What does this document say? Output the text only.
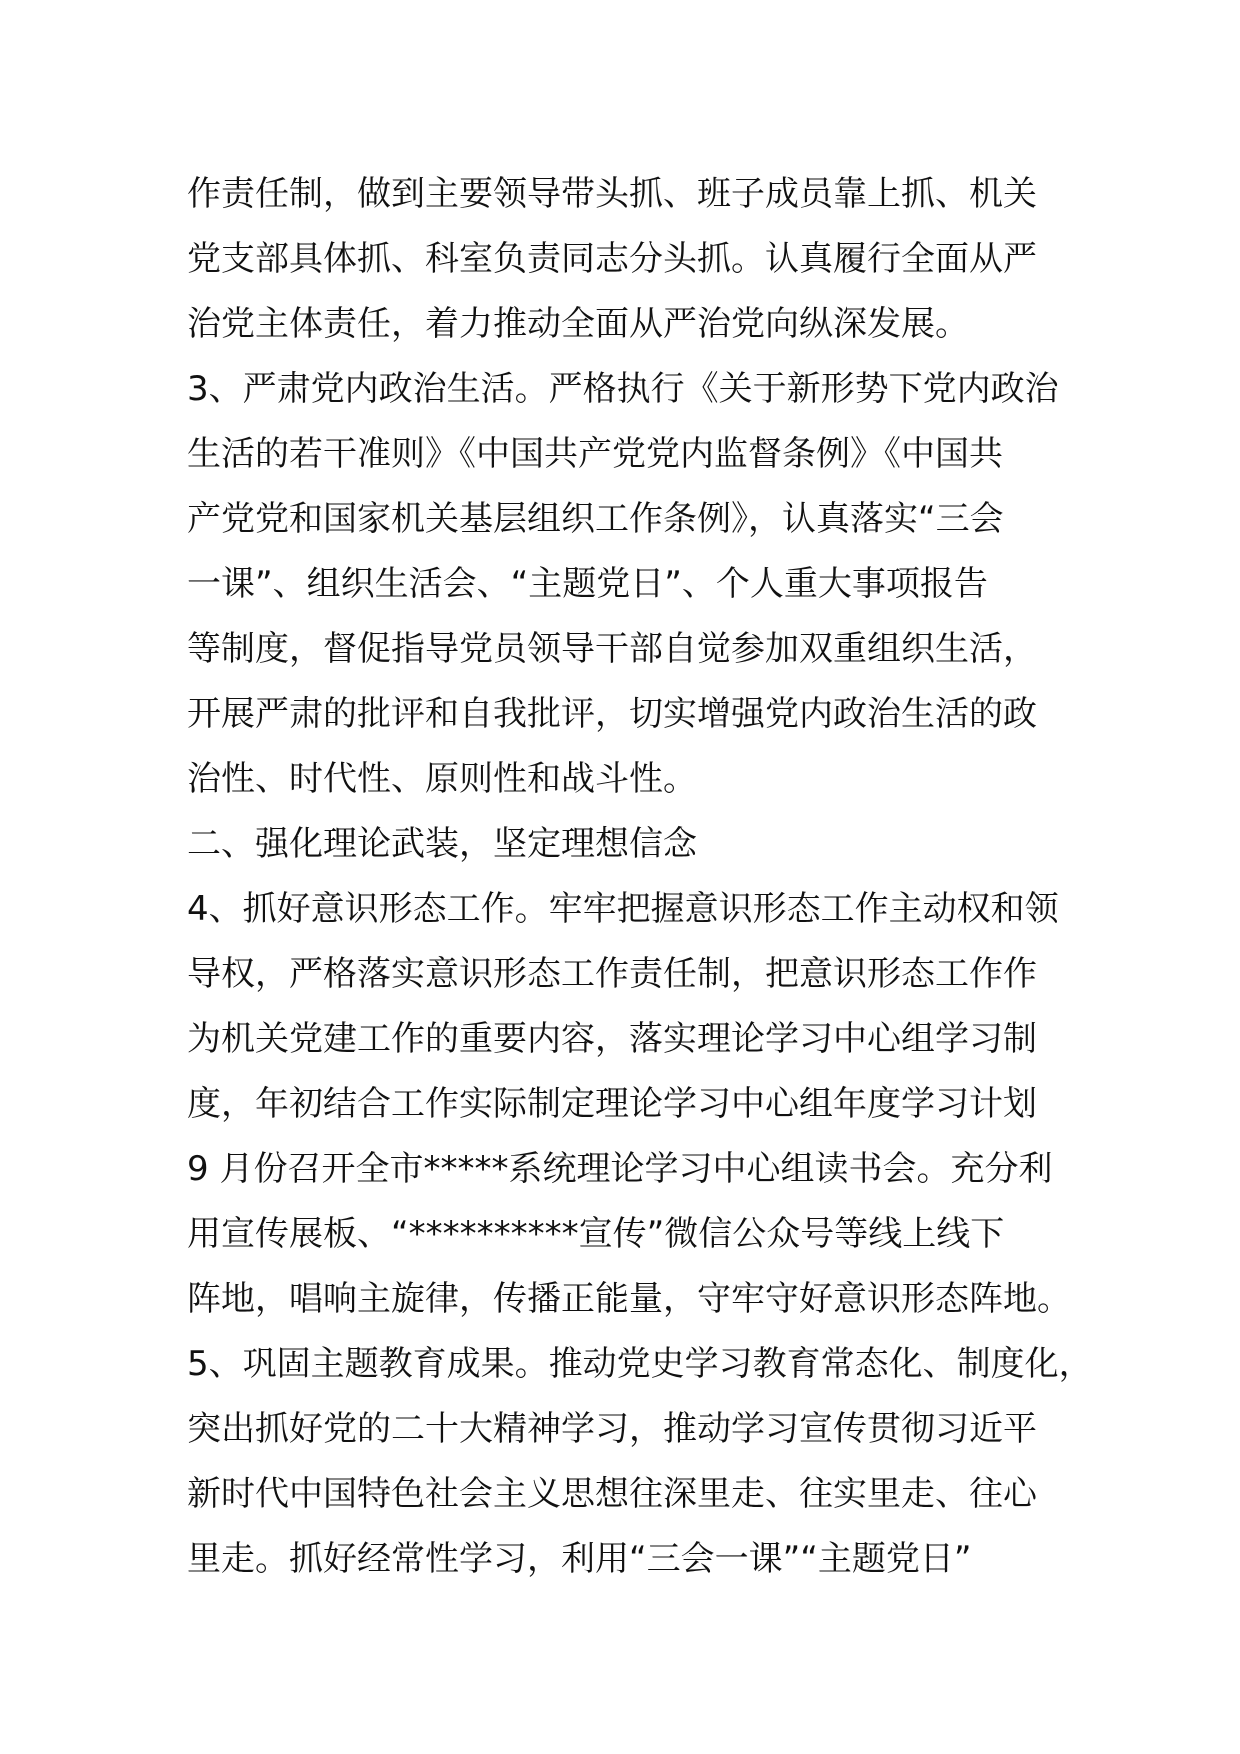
作责任制，做到主要领导带头抓、班子成员靠上抓、机关
党支部具体抓、科室负责同志分头抓。认真履行全面从严
治党主体责任，着力推动全面从严治党向纵深发展。
3、严肃党内政治生活。严格执行《关于新形势下党内政治
生活的若干准则》《中国共产党党内监督条例》《中国共
产党党和国家机关基层组织工作条例》，认真落实“三会
一课”、组织生活会、“主题党日”、个人重大事项报告
等制度，督促指导党员领导干部自觉参加双重组织生活，
开展严肃的批评和自我批评，切实增强党内政治生活的政
治性、时代性、原则性和战斗性。
二、强化理论武装，坚定理想信念
4、抓好意识形态工作。牢牢把握意识形态工作主动权和领
导权，严格落实意识形态工作责任制，把意识形态工作作
为机关党建工作的重要内容，落实理论学习中心组学习制
度，年初结合工作实际制定理论学习中心组年度学习计划
9 月份召开全市*****系统理论学习中心组读书会。充分利
用宣传展板、“**********宣传”微信公众号等线上线下
阵地，唱响主旋律，传播正能量，守牢守好意识形态阵地。
5、巩固主题教育成果。推动党史学习教育常态化、制度化，
突出抓好党的二十大精神学习，推动学习宣传贯彻习近平
新时代中国特色社会主义思想往深里走、往实里走、往心
里走。抓好经常性学习，利用“三会一课”“主题党日”
